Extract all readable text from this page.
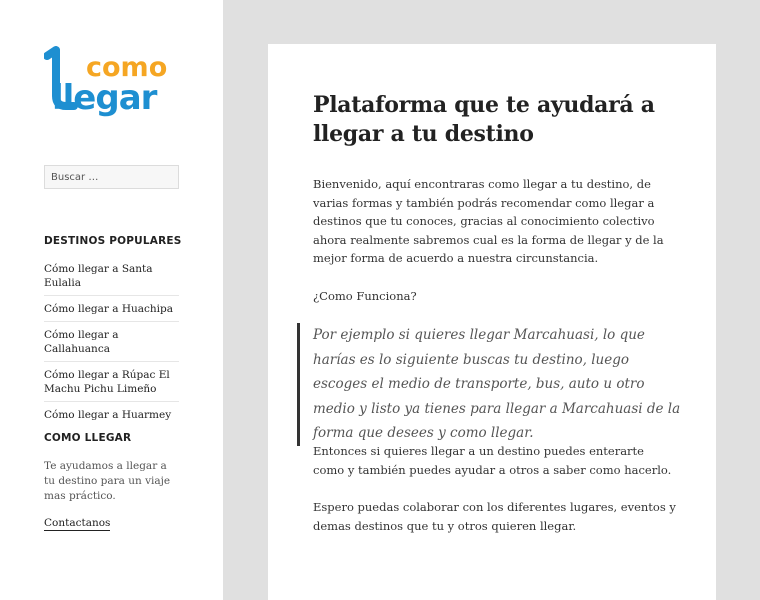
como
llegar
Buscar …
DESTINOS POPULARES
Cómo llegar a Santa Eulalia
Cómo llegar a Huachipa
Cómo llegar a Callahuanca
Cómo llegar a Rúpac El Machu Pichu Limeño
Cómo llegar a Huarmey
COMO LLEGAR

Te ayudamos a llegar a tu destino para un viaje mas práctico.

Contactanos
Plataforma que te ayudará a llegar a tu destino

Bienvenido, aquí encontraras como llegar a tu destino, de varias formas y también podrás recomendar como llegar a destinos que tu conoces, gracias al conocimiento colectivo ahora realmente sabremos cual es la forma de llegar y de la mejor forma de acuerdo a nuestra circunstancia.

¿Como Funciona?

Por ejemplo si quieres llegar Marcahuasi, lo que harías es lo siguiente buscas tu destino, luego escoges el medio de transporte, bus, auto u otro medio y listo ya tienes para llegar a Marcahuasi de la forma que desees y como llegar.

Entonces si quieres llegar a un destino puedes enterarte como y también puedes ayudar a otros a saber como hacerlo.

Espero puedas colaborar con los diferentes lugares, eventos y demas destinos que tu y otros quieren llegar.
